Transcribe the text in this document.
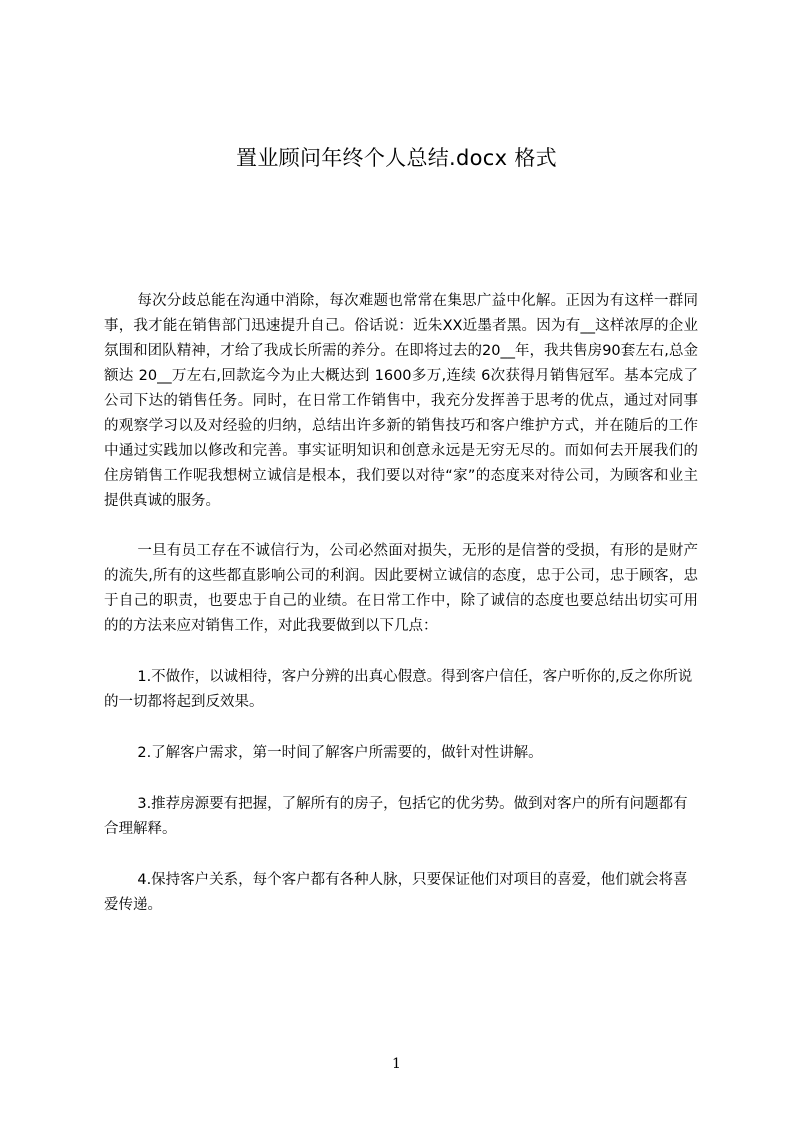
置业顾问年终个人总结.docx 格式

每次分歧总能在沟通中消除，每次难题也常常在集思广益中化解。正因为有这样一群同事，我才能在销售部门迅速提升自己。俗话说：近朱XX近墨者黑。因为有__这样浓厚的企业氛围和团队精神，才给了我成长所需的养分。在即将过去的20__年，我共售房90套左右,总金额达 20__万左右,回款迄今为止大概达到 1600多万,连续 6次获得月销售冠军。基本完成了公司下达的销售任务。同时，在日常工作销售中，我充分发挥善于思考的优点，通过对同事的观察学习以及对经验的归纳，总结出许多新的销售技巧和客户维护方式，并在随后的工作中通过实践加以修改和完善。事实证明知识和创意永远是无穷无尽的。而如何去开展我们的住房销售工作呢我想树立诚信是根本，我们要以对待“家”的态度来对待公司，为顾客和业主提供真诚的服务。

一旦有员工存在不诚信行为，公司必然面对损失，无形的是信誉的受损，有形的是财产的流失,所有的这些都直影响公司的利润。因此要树立诚信的态度，忠于公司，忠于顾客，忠于自己的职责，也要忠于自己的业绩。在日常工作中，除了诚信的态度也要总结出切实可用的的方法来应对销售工作，对此我要做到以下几点：

1.不做作，以诚相待，客户分辨的出真心假意。得到客户信任，客户听你的,反之你所说的一切都将起到反效果。

2.了解客户需求，第一时间了解客户所需要的，做针对性讲解。

3.推荐房源要有把握，了解所有的房子，包括它的优劣势。做到对客户的所有问题都有合理解释。

4.保持客户关系，每个客户都有各种人脉，只要保证他们对项目的喜爱，他们就会将喜爱传递。

1
